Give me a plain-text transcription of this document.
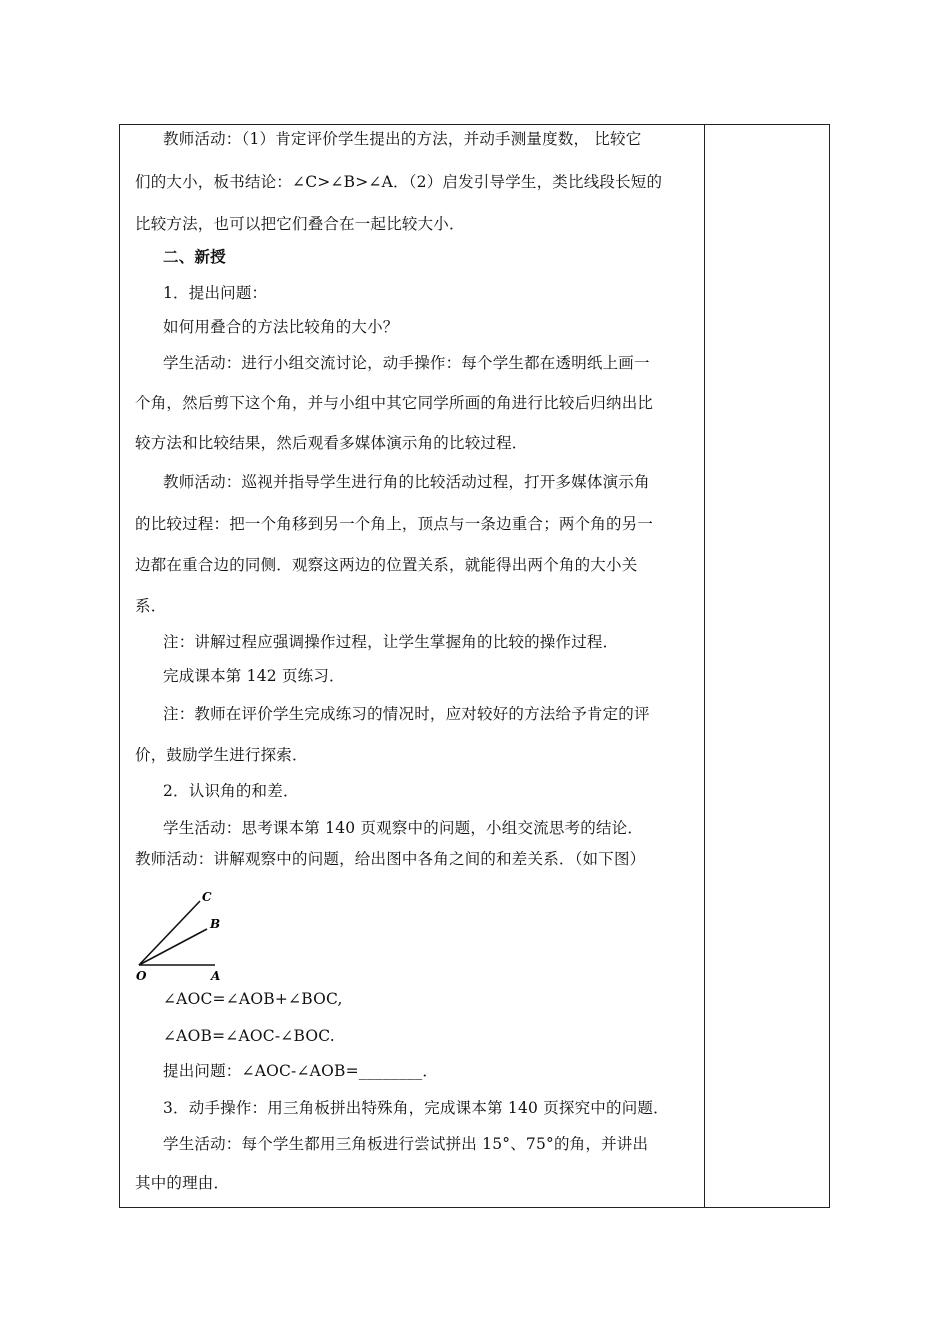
教师活动：（1）肯定评价学生提出的方法，并动手测量度数， 比较它
们的大小，板书结论：∠C>∠B>∠A．（2）启发引导学生，类比线段长短的
比较方法，也可以把它们叠合在一起比较大小．
二、新授
1．提出问题：
如何用叠合的方法比较角的大小？
学生活动：进行小组交流讨论，动手操作：每个学生都在透明纸上画一
个角，然后剪下这个角，并与小组中其它同学所画的角进行比较后归纳出比
较方法和比较结果，然后观看多媒体演示角的比较过程．
教师活动：巡视并指导学生进行角的比较活动过程，打开多媒体演示角
的比较过程：把一个角移到另一个角上，顶点与一条边重合；两个角的另一
边都在重合边的同侧．观察这两边的位置关系，就能得出两个角的大小关
系．
注：讲解过程应强调操作过程，让学生掌握角的比较的操作过程．
完成课本第 142 页练习．
注：教师在评价学生完成练习的情况时，应对较好的方法给予肯定的评
价，鼓励学生进行探索．
2．认识角的和差．
学生活动：思考课本第 140 页观察中的问题，小组交流思考的结论．
教师活动：讲解观察中的问题，给出图中各角之间的和差关系．（如下图）
C
B
O	A
∠AOC=∠AOB+∠BOC,
∠AOB=∠AOC-∠BOC.
提出问题：∠AOC-∠AOB=________．
3．动手操作：用三角板拼出特殊角，完成课本第 140 页探究中的问题．
学生活动：每个学生都用三角板进行尝试拼出 15°、75°的角，并讲出
其中的理由．
